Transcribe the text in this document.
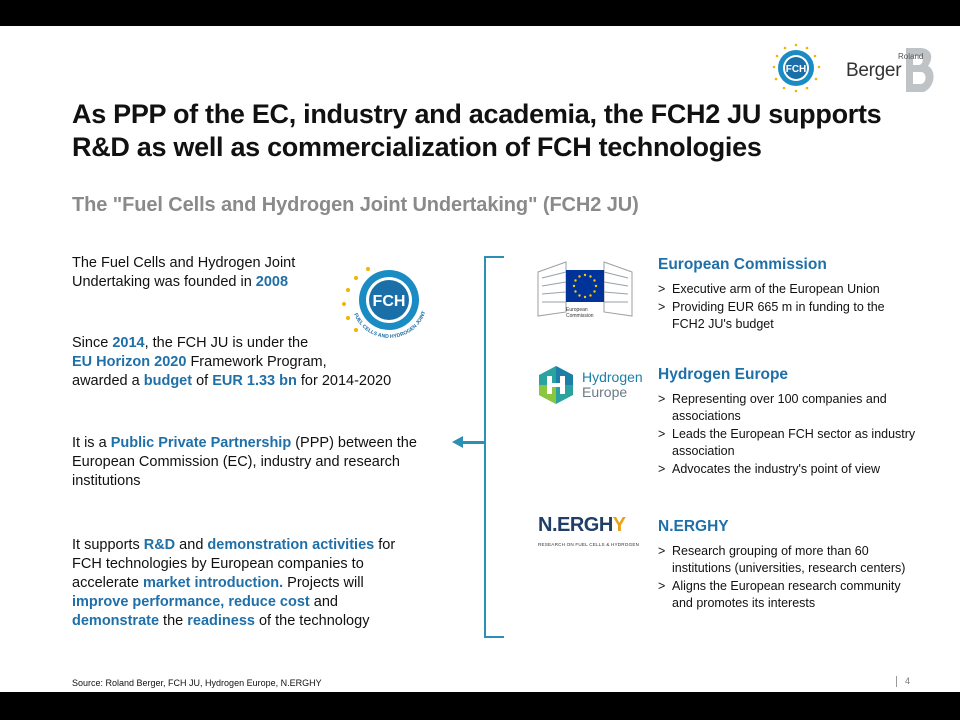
FCH
Roland
Berger
As PPP of the EC, industry and academia, the FCH2 JU supports R&D as well as commercialization of FCH technologies
The "Fuel Cells and Hydrogen Joint Undertaking" (FCH2 JU)
The Fuel Cells and Hydrogen Joint
Undertaking was founded in 2008
FCH
FUEL CELLS AND HYDROGEN JOINT
Since 2014, the FCH JU is under the
EU Horizon 2020 Framework Program,
awarded a budget of EUR 1.33 bn for 2014-2020
It is a Public Private Partnership (PPP) between the
European Commission (EC), industry and research
institutions
It supports R&D and demonstration activities for
FCH technologies by European companies to
accelerate market introduction. Projects will
improve performance, reduce cost and
demonstrate the readiness of the technology
European
Commission
European Commission
> Executive arm of the European Union
> Providing EUR 665 m in funding to the FCH2 JU's budget
Hydrogen
Europe
Hydrogen Europe
> Representing over 100 companies and associations
> Leads the European FCH sector as industry association
> Advocates the industry's point of view
N.ERGHY
RESEARCH ON FUEL CELLS & HYDROGEN
N.ERGHY
> Research grouping of more than 60 institutions (universities, research centers)
> Aligns the European research community and promotes its interests
Source: Roland Berger, FCH JU, Hydrogen Europe, N.ERGHY	4
